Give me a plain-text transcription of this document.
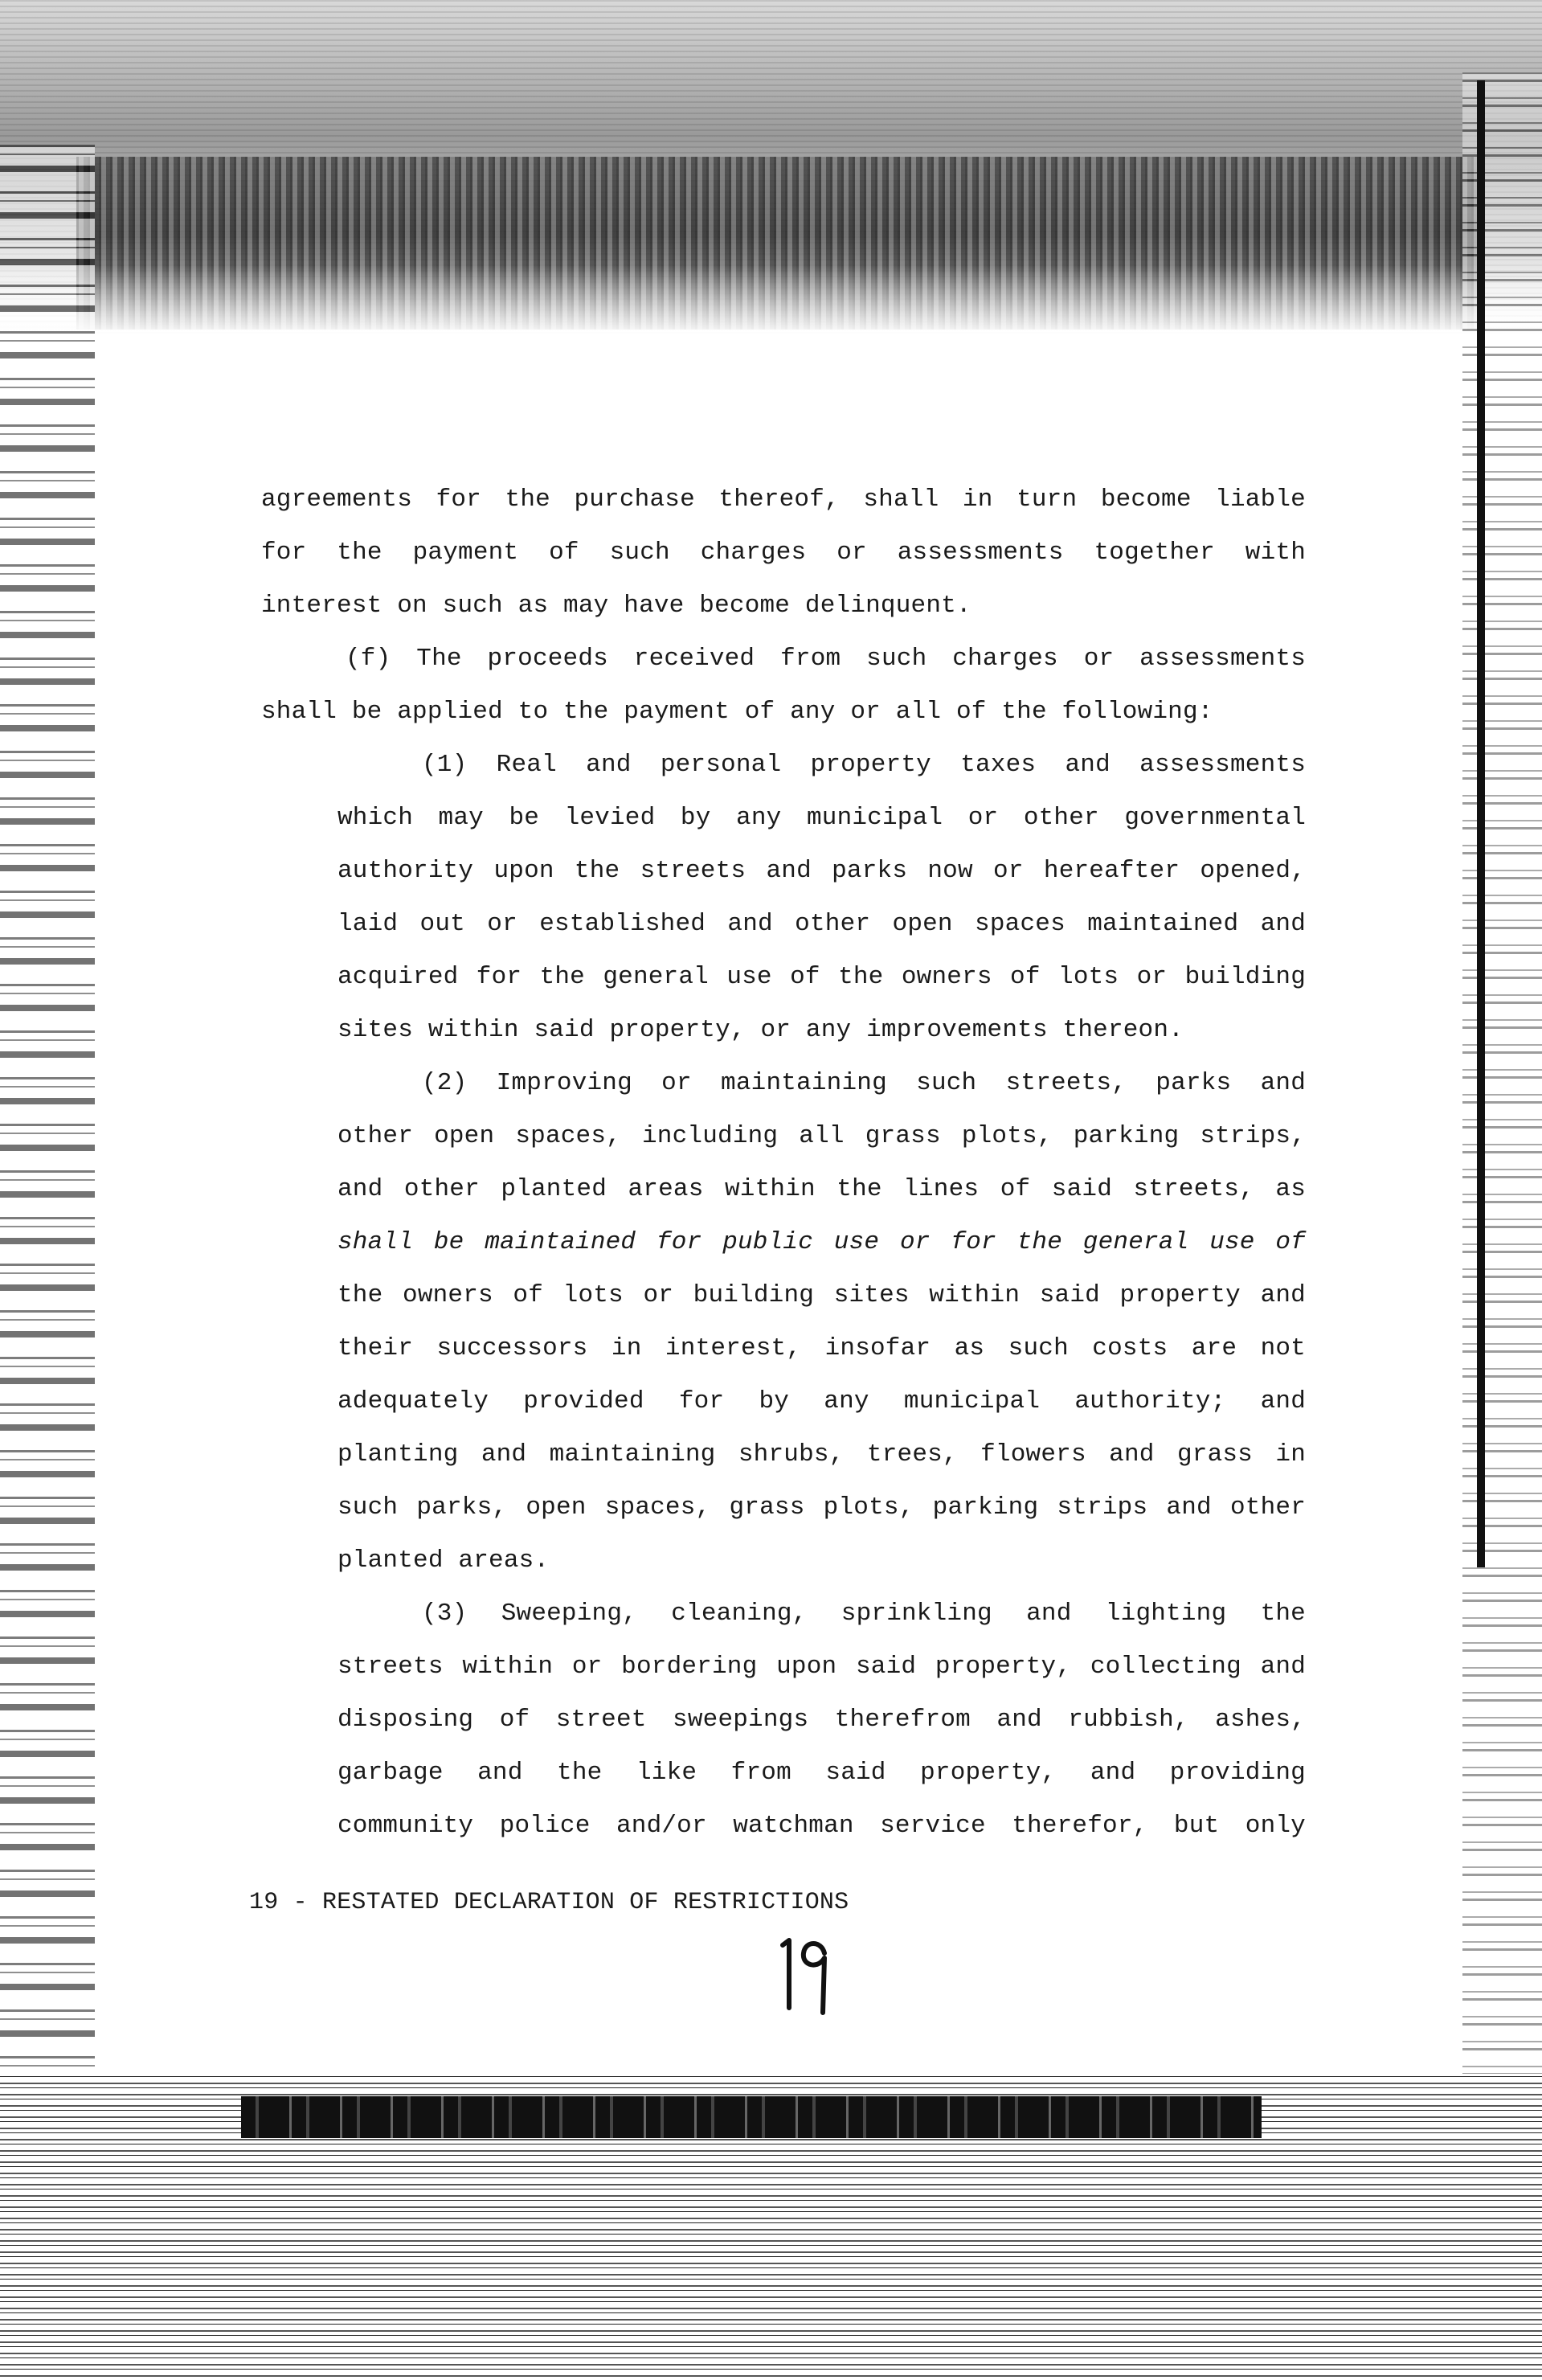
agreements for the purchase thereof, shall in turn become liable
for the payment of such charges or assessments together with
interest on such as may have become delinquent.
(f) The proceeds received from such charges or assessments
shall be applied to the payment of any or all of the following:
(1) Real and personal property taxes and assessments
which may be levied by any municipal or other governmental
authority upon the streets and parks now or hereafter opened,
laid out or established and other open spaces maintained and
acquired for the general use of the owners of lots or building
sites within said property, or any improvements thereon.
(2) Improving or maintaining such streets, parks and
other open spaces, including all grass plots, parking strips,
and other planted areas within the lines of said streets, as
shall be maintained for public use or for the general use of
the owners of lots or building sites within said property and
their successors in interest, insofar as such costs are not
adequately provided for by any municipal authority; and
planting and maintaining shrubs, trees, flowers and grass in
such parks, open spaces, grass plots, parking strips and other
planted areas.
(3) Sweeping, cleaning, sprinkling and lighting the
streets within or bordering upon said property, collecting and
disposing of street sweepings therefrom and rubbish, ashes,
garbage and the like from said property, and providing
community police and/or watchman service therefor, but only
19 - RESTATED DECLARATION OF RESTRICTIONS
